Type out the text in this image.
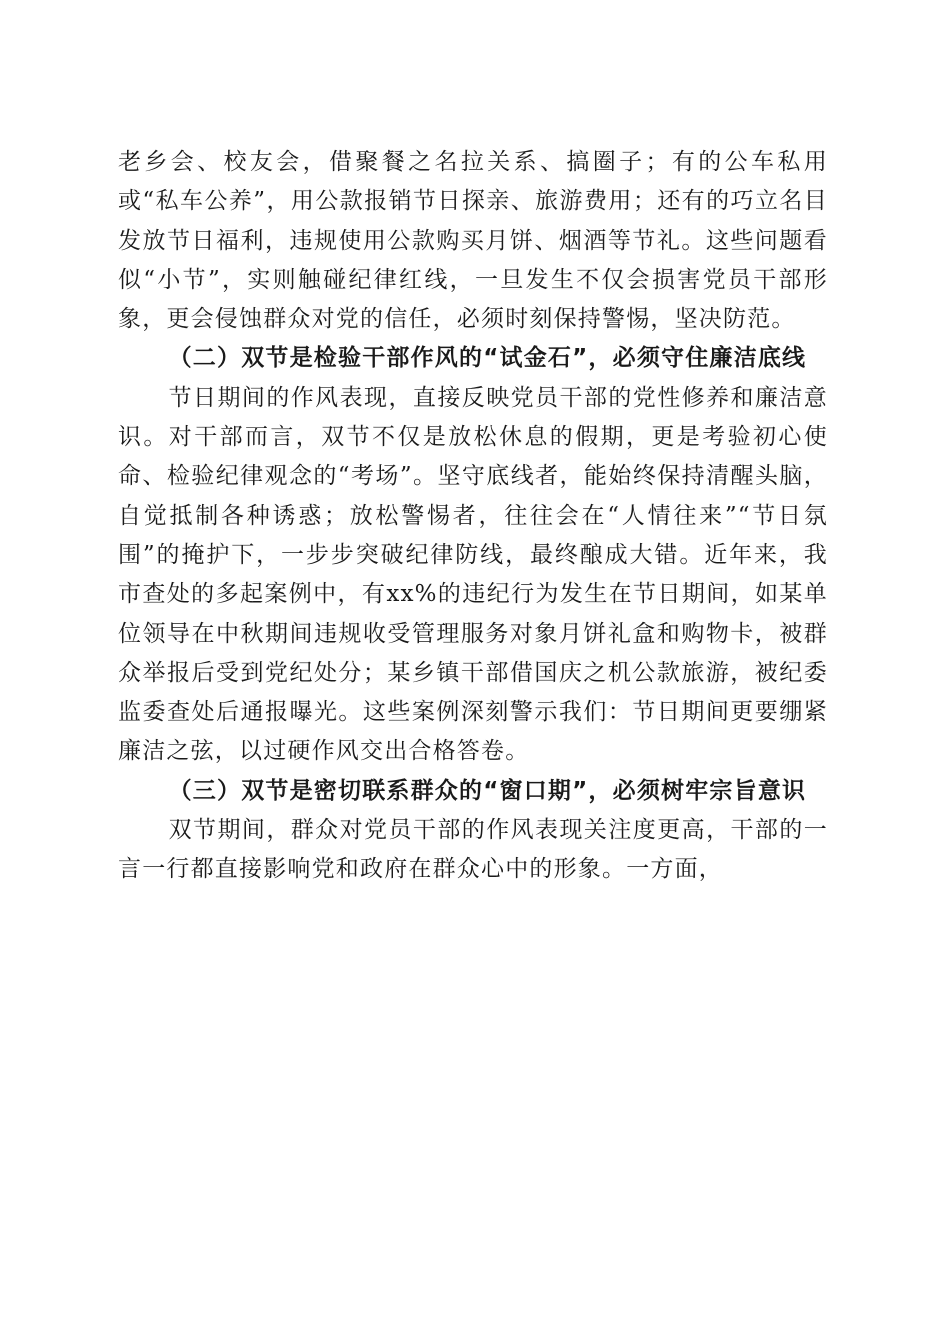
老乡会、校友会，借聚餐之名拉关系、搞圈子；有的公车私用或“私车公养”，用公款报销节日探亲、旅游费用；还有的巧立名目发放节日福利，违规使用公款购买月饼、烟酒等节礼。这些问题看似“小节”，实则触碰纪律红线，一旦发生不仅会损害党员干部形象，更会侵蚀群众对党的信任，必须时刻保持警惕，坚决防范。

（二）双节是检验干部作风的“试金石”，必须守住廉洁底线

节日期间的作风表现，直接反映党员干部的党性修养和廉洁意识。对干部而言，双节不仅是放松休息的假期，更是考验初心使命、检验纪律观念的“考场”。坚守底线者，能始终保持清醒头脑，自觉抵制各种诱惑；放松警惕者，往往会在“人情往来”“节日氛围”的掩护下，一步步突破纪律防线，最终酿成大错。近年来，我市查处的多起案例中，有xx%的违纪行为发生在节日期间，如某单位领导在中秋期间违规收受管理服务对象月饼礼盒和购物卡，被群众举报后受到党纪处分；某乡镇干部借国庆之机公款旅游，被纪委监委查处后通报曝光。这些案例深刻警示我们：节日期间更要绷紧廉洁之弦，以过硬作风交出合格答卷。

（三）双节是密切联系群众的“窗口期”，必须树牢宗旨意识

双节期间，群众对党员干部的作风表现关注度更高，干部的一言一行都直接影响党和政府在群众心中的形象。一方面，
